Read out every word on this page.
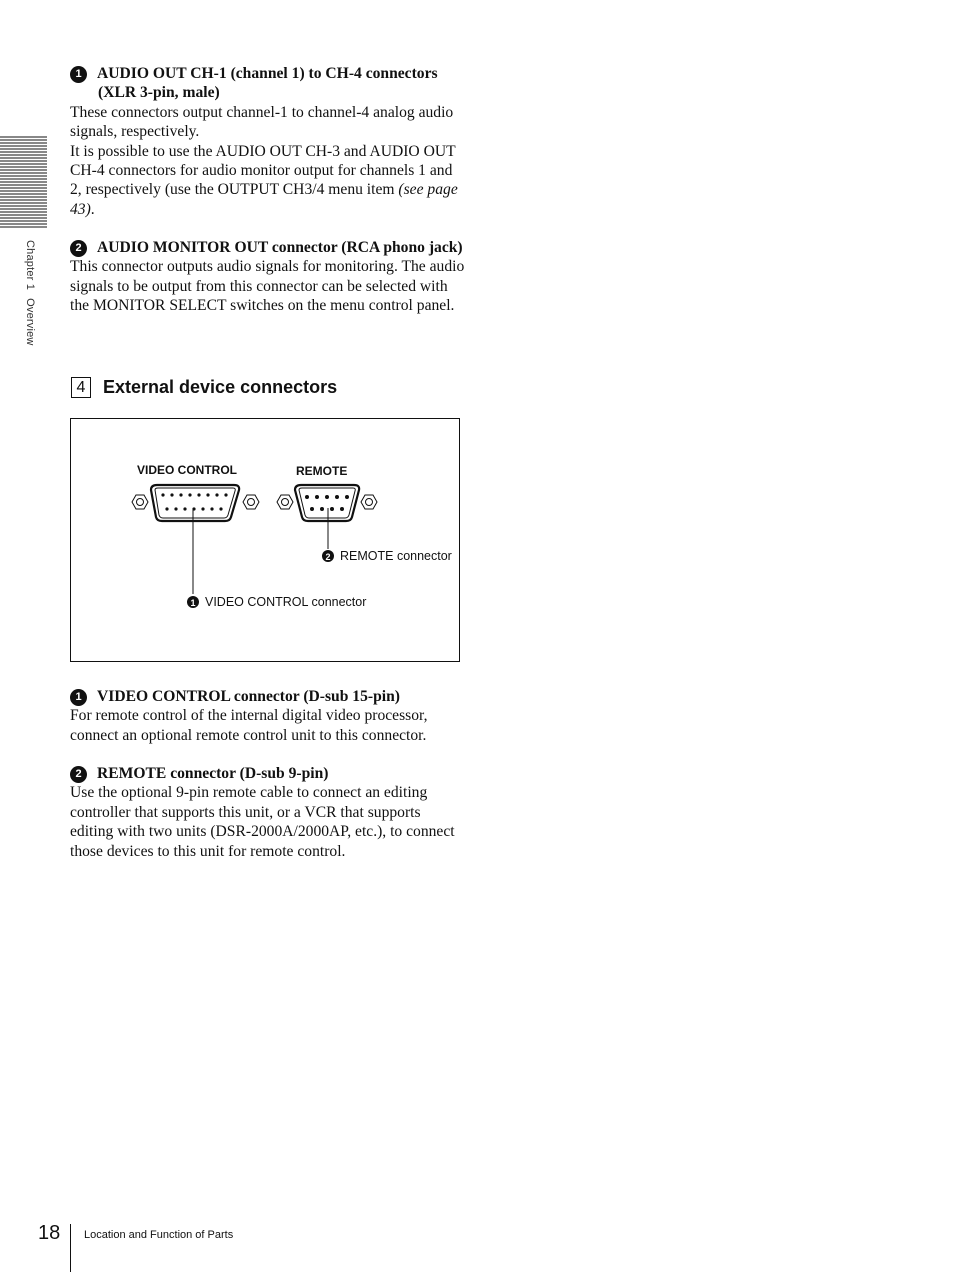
Chapter 1Overview
1 AUDIO OUT CH-1 (channel 1) to CH-4 connectors (XLR 3-pin, male)
These connectors output channel-1 to channel-4 analog audio signals, respectively.
It is possible to use the AUDIO OUT CH-3 and AUDIO OUT CH-4 connectors for audio monitor output for channels 1 and 2, respectively (use the OUTPUT CH3/4 menu item (see page 43).
2 AUDIO MONITOR OUT connector (RCA phono jack)
This connector outputs audio signals for monitoring. The audio signals to be output from this connector can be selected with the MONITOR SELECT switches on the menu control panel.
4 External device connectors
VIDEO CONTROL	REMOTE
2 REMOTE connector
1 VIDEO CONTROL connector
1 VIDEO CONTROL connector (D-sub 15-pin)
For remote control of the internal digital video processor, connect an optional remote control unit to this connector.
2 REMOTE connector (D-sub 9-pin)
Use the optional 9-pin remote cable to connect an editing controller that supports this unit, or a VCR that supports editing with two units (DSR-2000A/2000AP, etc.), to connect those devices to this unit for remote control.
18 Location and Function of Parts
